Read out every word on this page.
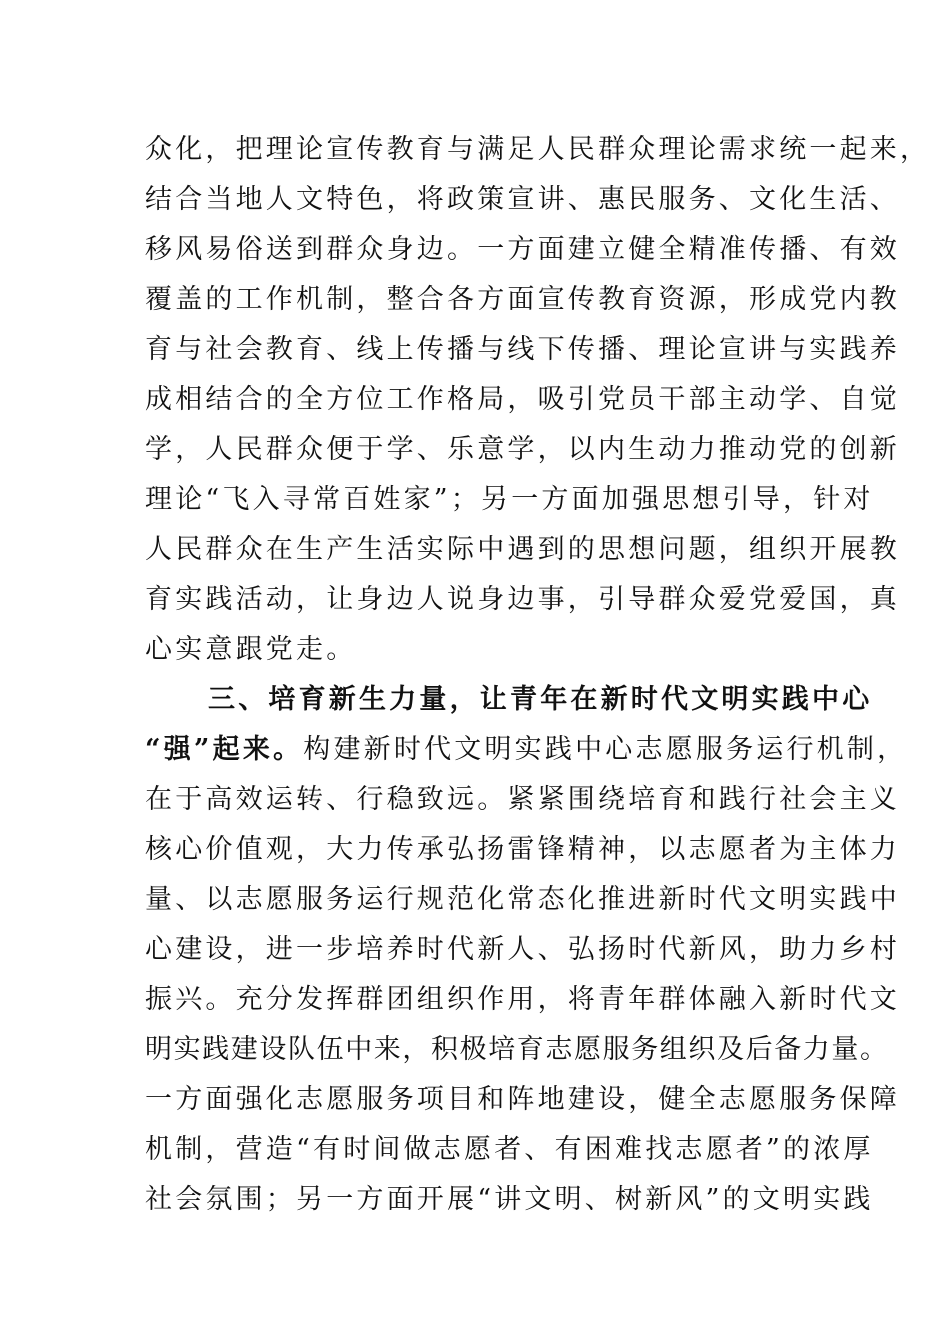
众化，把理论宣传教育与满足人民群众理论需求统一起来，
结合当地人文特色，将政策宣讲、惠民服务、文化生活、
移风易俗送到群众身边。一方面建立健全精准传播、有效
覆盖的工作机制，整合各方面宣传教育资源，形成党内教
育与社会教育、线上传播与线下传播、理论宣讲与实践养
成相结合的全方位工作格局，吸引党员干部主动学、自觉
学，人民群众便于学、乐意学，以内生动力推动党的创新
理论“飞入寻常百姓家”；另一方面加强思想引导，针对
人民群众在生产生活实际中遇到的思想问题，组织开展教
育实践活动，让身边人说身边事，引导群众爱党爱国，真
心实意跟党走。
三、培育新生力量，让青年在新时代文明实践中心
“强”起来。构建新时代文明实践中心志愿服务运行机制，
在于高效运转、行稳致远。紧紧围绕培育和践行社会主义
核心价值观，大力传承弘扬雷锋精神，以志愿者为主体力
量、以志愿服务运行规范化常态化推进新时代文明实践中
心建设，进一步培养时代新人、弘扬时代新风，助力乡村
振兴。充分发挥群团组织作用，将青年群体融入新时代文
明实践建设队伍中来，积极培育志愿服务组织及后备力量。
一方面强化志愿服务项目和阵地建设，健全志愿服务保障
机制，营造“有时间做志愿者、有困难找志愿者”的浓厚
社会氛围；另一方面开展“讲文明、树新风”的文明实践
